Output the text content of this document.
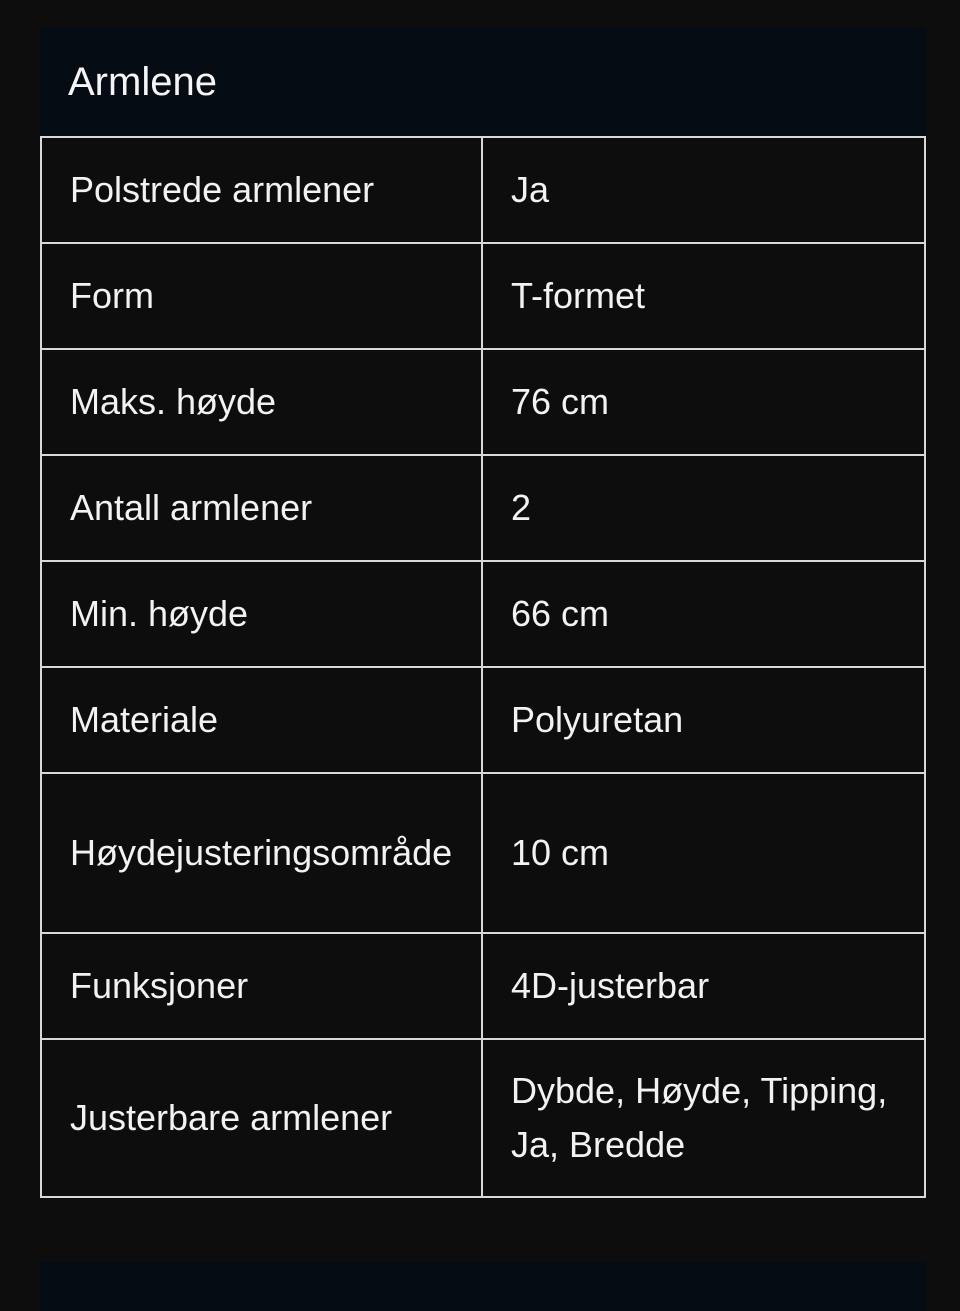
Armlene
Polstrede armlener	Ja
Form	T-formet
Maks. høyde	76 cm
Antall armlener	2
Min. høyde	66 cm
Materiale	Polyuretan
Høydejusteringsområde	10 cm
Funksjoner	4D-justerbar
Justerbare armlener	Dybde, Høyde, Tipping, Ja, Bredde
